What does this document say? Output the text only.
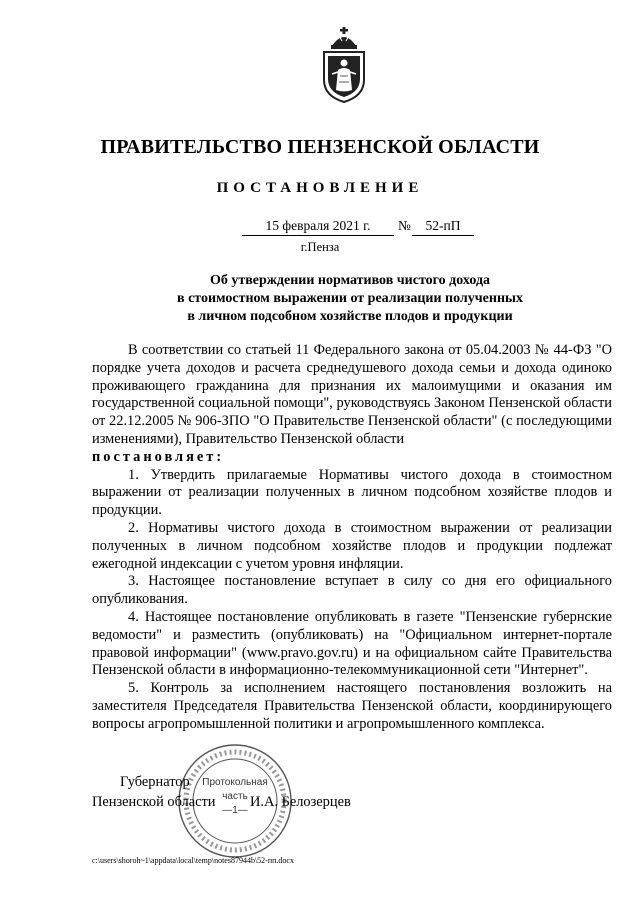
ПРАВИТЕЛЬСТВО ПЕНЗЕНСКОЙ ОБЛАСТИ
ПОСТАНОВЛЕНИЕ
15 февраля 2021 г.	№	52-пП
г.Пенза
Об утверждении нормативов чистого дохода
в стоимостном выражении от реализации полученных
в личном подсобном хозяйстве плодов и продукции

В соответствии со статьей 11 Федерального закона от 05.04.2003 № 44-ФЗ "О порядке учета доходов и расчета среднедушевого дохода семьи и дохода одиноко проживающего гражданина для признания их малоимущими и оказания им государственной социальной помощи", руководствуясь Законом Пензенской области от 22.12.2005 № 906-ЗПО "О Правительстве Пензенской области" (с последующими изменениями), Правительство Пензенской области

постановляет:

1. Утвердить прилагаемые Нормативы чистого дохода в стоимостном выражении от реализации полученных в личном подсобном хозяйстве плодов и продукции.

2. Нормативы чистого дохода в стоимостном выражении от реализации полученных в личном подсобном хозяйстве плодов и продукции подлежат ежегодной индексации с учетом уровня инфляции.

3. Настоящее постановление вступает в силу со дня его официального опубликования.

4. Настоящее постановление опубликовать в газете "Пензенские губернские ведомости" и разместить (опубликовать) на "Официальном интернет-портале правовой информации" (www.pravo.gov.ru) и на официальном сайте Правительства Пензенской области в информационно-телекоммуникационной сети "Интернет".

5. Контроль за исполнением настоящего постановления возложить на заместителя Председателя Правительства Пензенской области, координирующего вопросы агропромышленной политики и агропромышленного комплекса.

Протокольная
часть
—1—
Губернатор
Пензенской области	И.А. Белозерцев
c:\users\shoroh~1\appdata\local\temp\notes87944b\52-пп.docx
